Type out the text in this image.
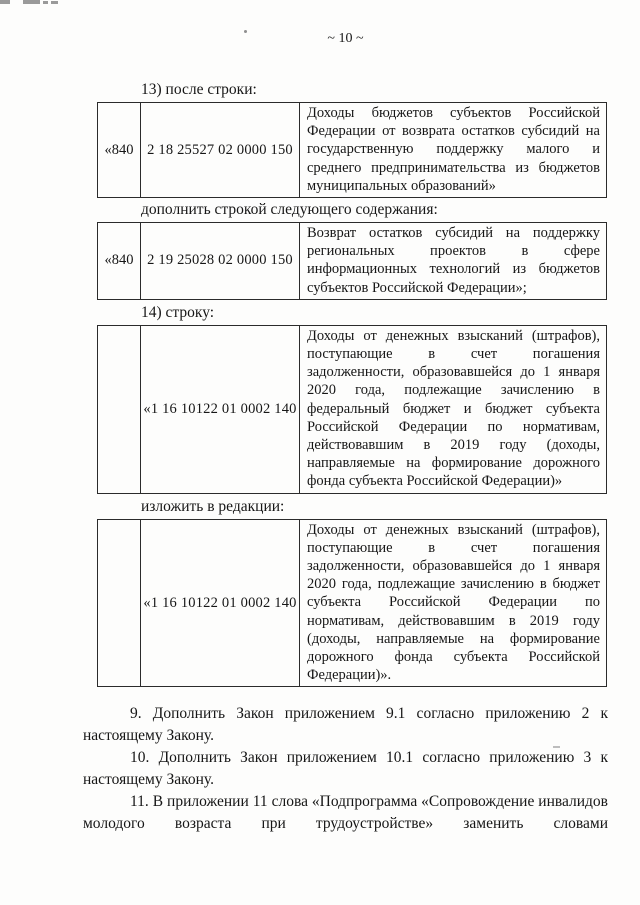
~ 10 ~
13) после строки:
«840	2 18 25527 02 0000 150	Доходы бюджетов субъектов Российской Федерации от возврата остатков субсидий на государственную поддержку малого и среднего предпринимательства из бюджетов муниципальных образований»
дополнить строкой следующего содержания:
«840	2 19 25028 02 0000 150	Возврат остатков субсидий на поддержку региональных проектов в сфере информационных технологий из бюджетов субъектов Российской Федерации»;
14) строку:
	«1 16 10122 01 0002 140	Доходы от денежных взысканий (штрафов), поступающие в счет погашения задолженности, образовавшейся до 1 января 2020 года, подлежащие зачислению в федеральный бюджет и бюджет субъекта Российской Федерации по нормативам, действовавшим в 2019 году (доходы, направляемые на формирование дорожного фонда субъекта Российской Федерации)»
изложить в редакции:
	«1 16 10122 01 0002 140	Доходы от денежных взысканий (штрафов), поступающие в счет погашения задолженности, образовавшейся до 1 января 2020 года, подлежащие зачислению в бюджет субъекта Российской Федерации по нормативам, действовавшим в 2019 году (доходы, направляемые на формирование дорожного фонда субъекта Российской Федерации)».

9. Дополнить Закон приложением 9.1 согласно приложению 2 к настоящему Закону.

10. Дополнить Закон приложением 10.1 согласно приложению 3 к настоящему Закону.

11. В приложении 11 слова «Подпрограмма «Сопровождение инвалидов молодого возраста при трудоустройстве» заменить словами
